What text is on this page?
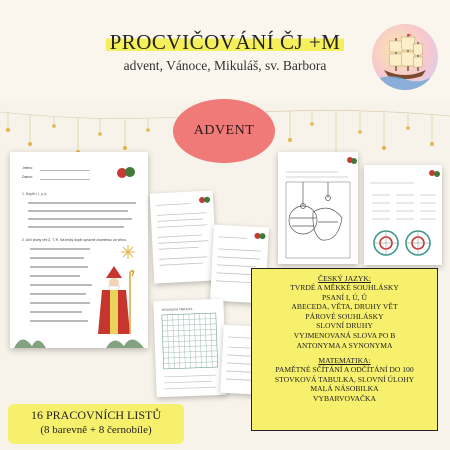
PROCVIČOVÁNÍ ČJ +M
advent, Vánoce, Mikuláš, sv. Barbora
ADVENT
Jméno:
Datum:
1. Doplň i, í, y, ý:
2. Urči druhy vět O, T, R. Na tečky doplň správné znaménko za větou.
STOVKOVÁ TABULKA
ČESKÝ JAZYK:
TVRDÉ A MĚKKÉ SOUHLÁSKY
PSANÍ I, Ú, Ů
ABECEDA, VĚTA, DRUHY VĚT
PÁROVÉ SOUHLÁSKY
SLOVNÍ DRUHY
VYJMENOVANÁ SLOVA PO B
ANTONYMA A SYNONYMA
MATEMATIKA:
PAMĚTNÉ SČÍTÁNÍ A ODČÍTÁNÍ DO 100
STOVKOVÁ TABULKA, SLOVNÍ ÚLOHY
MALÁ NÁSOBILKA
VYBARVOVAČKA
16 PRACOVNÍCH LISTŮ
(8 barevně + 8 černobíle)
